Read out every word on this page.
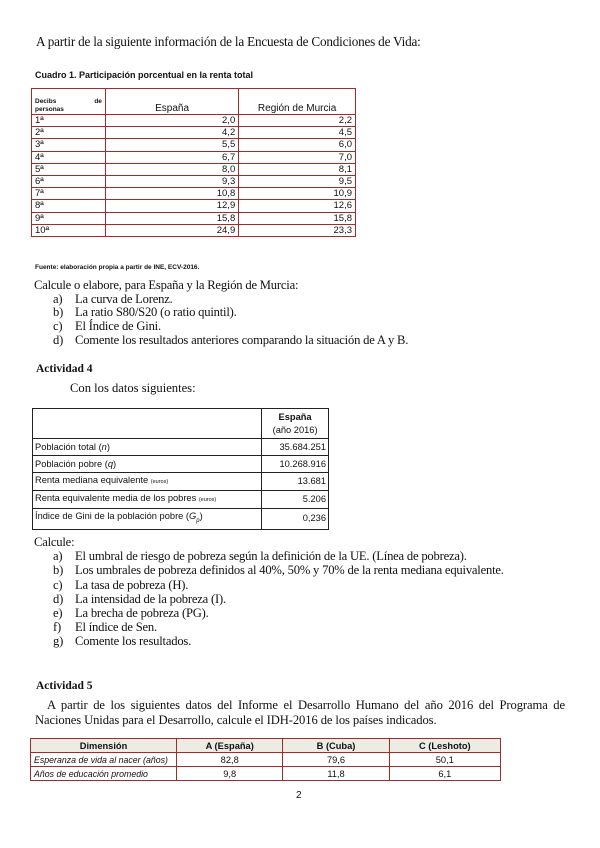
A partir de la siguiente información de la Encuesta de Condiciones de Vida:
Cuadro 1. Participación porcentual en la renta total
Decibs de
personas	España	Región de Murcia
1ª	2,0	2,2
2ª	4,2	4,5
3ª	5,5	6,0
4ª	6,7	7,0
5ª	8,0	8,1
6ª	9,3	9,5
7ª	10,8	10,9
8ª	12,9	12,6
9ª	15,8	15,8
10ª	24,9	23,3
Fuente: elaboración propia a partir de INE, ECV-2016.
Calcule o elabore, para España y la Región de Murcia:
a)	La curva de Lorenz.
b) La ratio S80/S20 (o ratio quintil).
c)	El Índice de Gini.
d) Comente los resultados anteriores comparando la situación de A y B.
Actividad 4
Con los datos siguientes:

	España
(año 2016)

Población total (n)	35.684.251
Población pobre (q)	10.268.916
Renta mediana equivalente (euros)	13.681
Renta equivalente media de los pobres (euros)	5.206
Índice de Gini de la población pobre $(G_p)$	0,236
Calcule:
a)	El umbral de riesgo de pobreza según la definición de la UE. (Línea de pobreza).
b) Los umbrales de pobreza definidos al 40%, 50% y 70% de la renta mediana equivalente.
c)	La tasa de pobreza (H).
d) La intensidad de la pobreza (I).
e)	La brecha de pobreza (PG).
f)	El índice de Sen.
g) Comente los resultados.
Actividad 5
A partir de los siguientes datos del Informe el Desarrollo Humano del año 2016 del Programa de Naciones Unidas para el Desarrollo, calcule el IDH-2016 de los países indicados.
Dimensión	A (España)	B (Cuba)	C (Leshoto)
Esperanza de vida al nacer (años)	82,8	79,6	50,1
Años de educación promedio	9,8	11,8	6,1
2
